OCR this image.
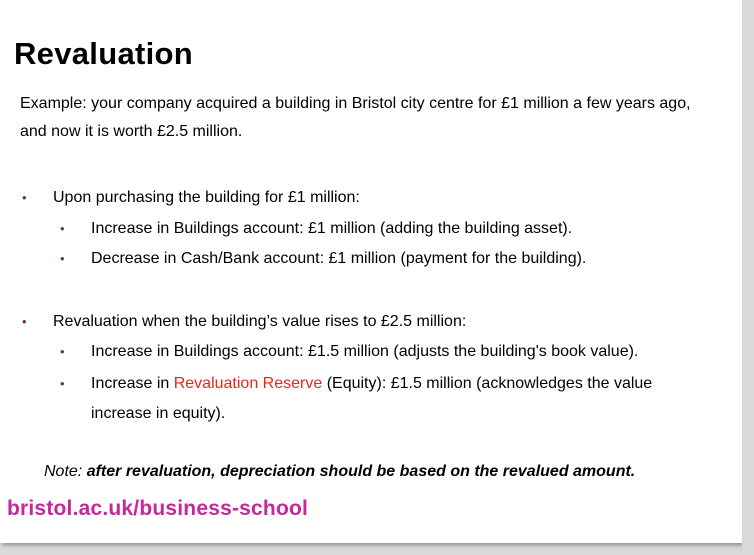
Revaluation
Example: your company acquired a building in Bristol city centre for £1 million a few years ago, and now it is worth £2.5 million.
• Upon purchasing the building for £1 million:
• Increase in Buildings account: £1 million (adding the building asset).
• Decrease in Cash/Bank account: £1 million (payment for the building).
• Revaluation when the building’s value rises to £2.5 million:
• Increase in Buildings account: £1.5 million (adjusts the building's book value).
• Increase in Revaluation Reserve (Equity): £1.5 million (acknowledges the value
increase in equity).
Note: after revaluation, depreciation should be based on the revalued amount.
bristol.ac.uk/business-school
